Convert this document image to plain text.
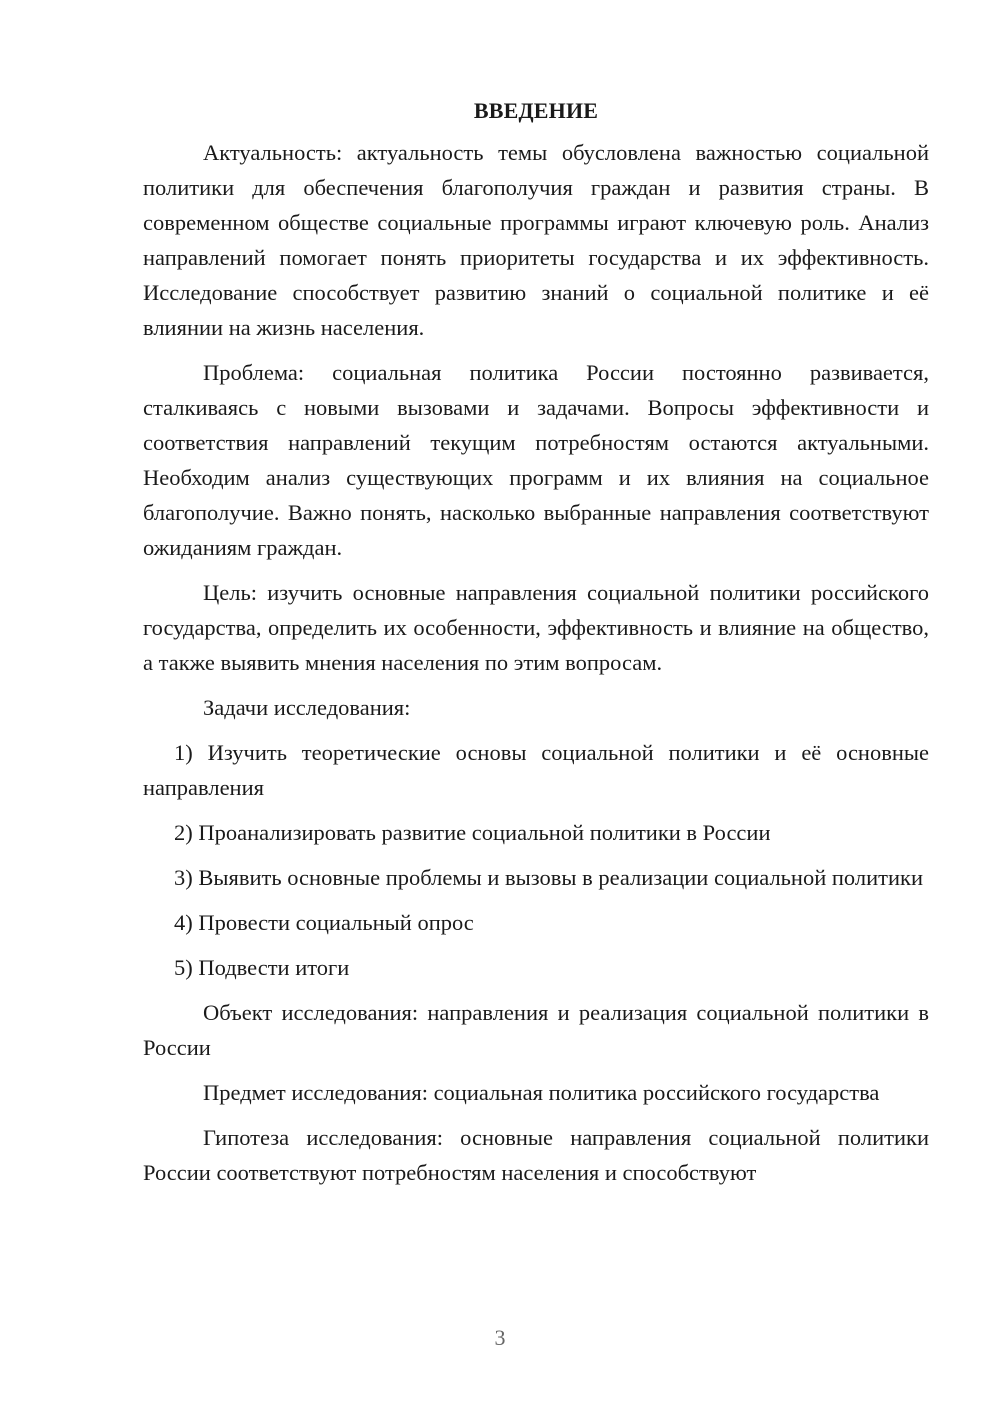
ВВЕДЕНИЕ

Актуальность: актуальность темы обусловлена важностью социальной политики для обеспечения благополучия граждан и развития страны. В современном обществе социальные программы играют ключевую роль. Анализ направлений помогает понять приоритеты государства и их эффективность. Исследование способствует развитию знаний о социальной политике и её влиянии на жизнь населения.

Проблема: социальная политика России постоянно развивается, сталкиваясь с новыми вызовами и задачами. Вопросы эффективности и соответствия направлений текущим потребностям остаются актуальными. Необходим анализ существующих программ и их влияния на социальное благополучие. Важно понять, насколько выбранные направления соответствуют ожиданиям граждан.

Цель: изучить основные направления социальной политики российского государства, определить их особенности, эффективность и влияние на общество, а также выявить мнения населения по этим вопросам.

Задачи исследования:

1) Изучить теоретические основы социальной политики и её основные направления

2) Проанализировать развитие социальной политики в России

3) Выявить основные проблемы и вызовы в реализации социальной политики

4) Провести социальный опрос

5) Подвести итоги

Объект исследования: направления и реализация социальной политики в России

Предмет исследования: социальная политика российского государства

Гипотеза исследования: основные направления социальной политики России соответствуют потребностям населения и способствуют

3
